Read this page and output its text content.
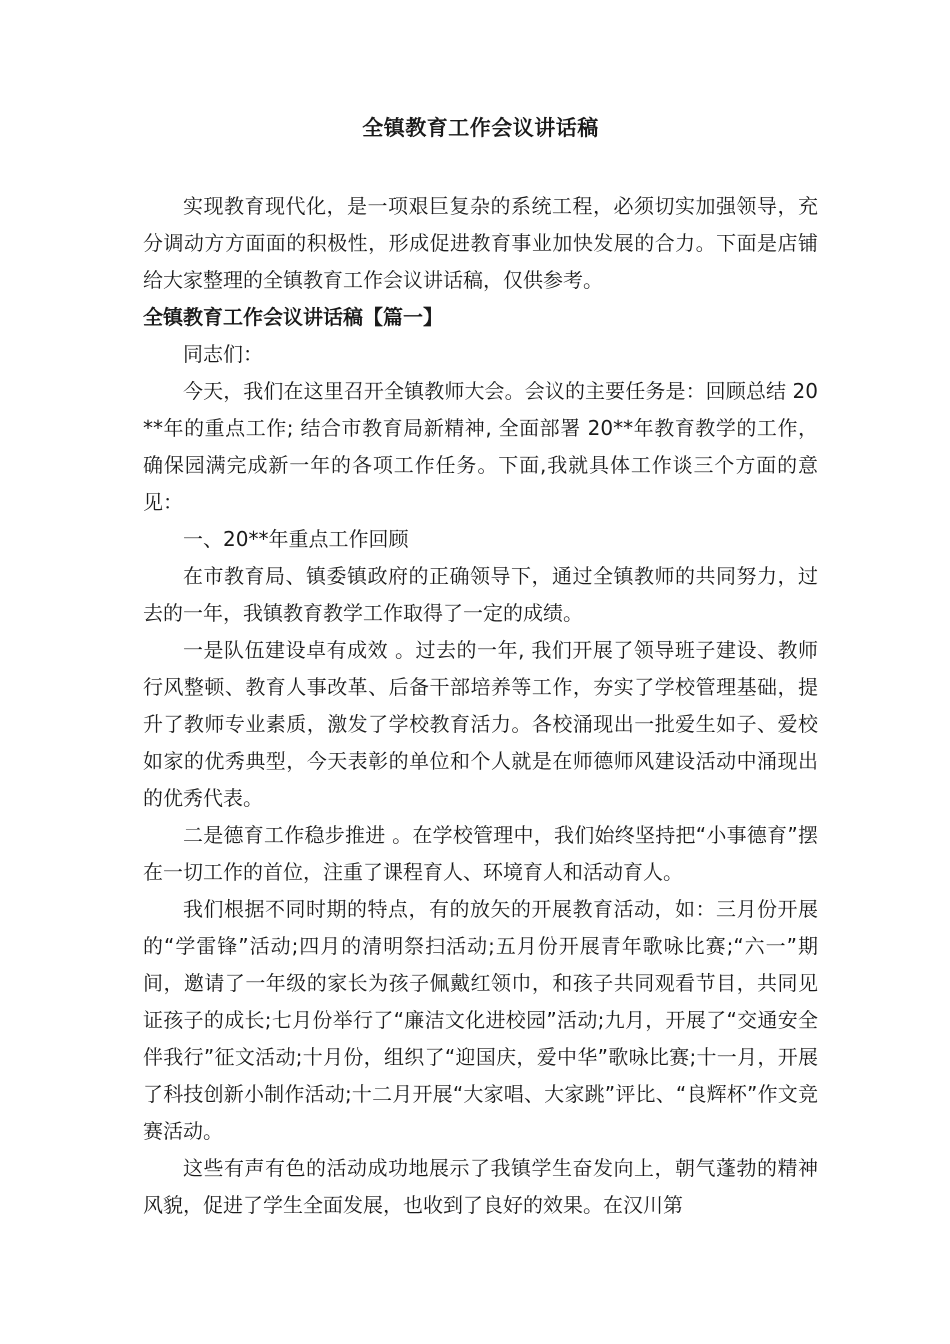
全镇教育工作会议讲话稿

实现教育现代化，是一项艰巨复杂的系统工程，必须切实加强领导，充分调动方方面面的积极性，形成促进教育事业加快发展的合力。下面是店铺给大家整理的全镇教育工作会议讲话稿，仅供参考。

全镇教育工作会议讲话稿【篇一】

同志们：

今天，我们在这里召开全镇教师大会。会议的主要任务是：回顾总结 20**年的重点工作; 结合市教育局新精神, 全面部署 20**年教育教学的工作，确保园满完成新一年的各项工作任务。下面,我就具体工作谈三个方面的意见：

一、20**年重点工作回顾

在市教育局、镇委镇政府的正确领导下，通过全镇教师的共同努力，过去的一年，我镇教育教学工作取得了一定的成绩。

一是队伍建设卓有成效 。过去的一年, 我们开展了领导班子建设、教师行风整顿、教育人事改革、后备干部培养等工作，夯实了学校管理基础，提升了教师专业素质，激发了学校教育活力。各校涌现出一批爱生如子、爱校如家的优秀典型，今天表彰的单位和个人就是在师德师风建设活动中涌现出的优秀代表。

二是德育工作稳步推进 。在学校管理中，我们始终坚持把“小事德育”摆在一切工作的首位，注重了课程育人、环境育人和活动育人。

我们根据不同时期的特点，有的放矢的开展教育活动，如：三月份开展的“学雷锋”活动;四月的清明祭扫活动;五月份开展青年歌咏比赛;“六一”期间，邀请了一年级的家长为孩子佩戴红领巾，和孩子共同观看节目，共同见证孩子的成长;七月份举行了“廉洁文化进校园”活动;九月，开展了“交通安全伴我行”征文活动;十月份，组织了“迎国庆，爱中华”歌咏比赛;十一月，开展了科技创新小制作活动;十二月开展“大家唱、大家跳”评比、“良辉杯”作文竞赛活动。

这些有声有色的活动成功地展示了我镇学生奋发向上，朝气蓬勃的精神风貌，促进了学生全面发展，也收到了良好的效果。在汉川第
